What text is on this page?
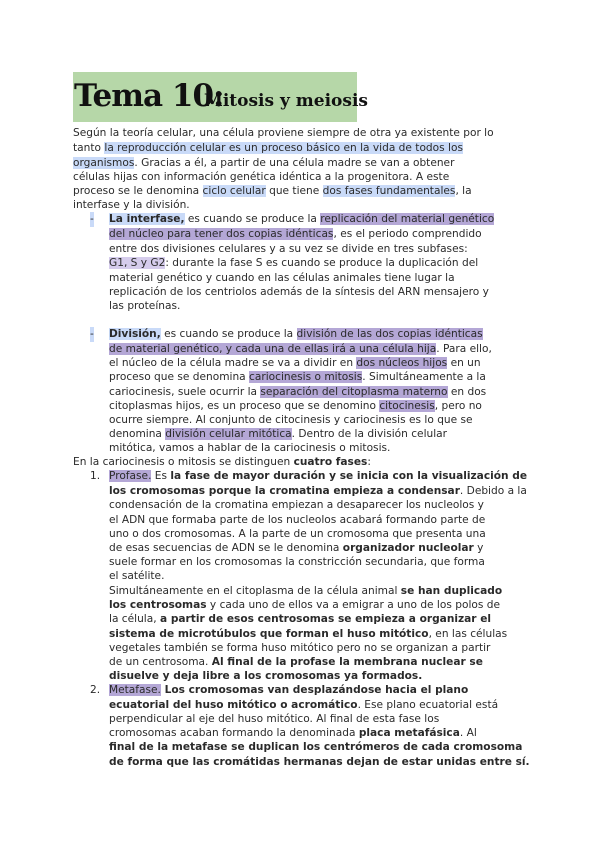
Tema 10:
Mitosis y meiosis
Según la teoría celular, una célula proviene siempre de otra ya existente por lo
tanto la reproducción celular es un proceso básico en la vida de todos los
organismos. Gracias a él, a partir de una célula madre se van a obtener
células hijas con información genética idéntica a la progenitora. A este
proceso se le denomina ciclo celular que tiene dos fases fundamentales, la
interfase y la división.
- La interfase, es cuando se produce la replicación del material genético
del núcleo para tener dos copias idénticas, es el periodo comprendido
entre dos divisiones celulares y a su vez se divide en tres subfases:
G1, S y G2: durante la fase S es cuando se produce la duplicación del
material genético y cuando en las células animales tiene lugar la
replicación de los centriolos además de la síntesis del ARN mensajero y
las proteínas.
- División, es cuando se produce la división de las dos copias idénticas
de material genético, y cada una de ellas irá a una célula hija. Para ello,
el núcleo de la célula madre se va a dividir en dos núcleos hijos en un
proceso que se denomina cariocinesis o mitosis. Simultáneamente a la
cariocinesis, suele ocurrir la separación del citoplasma materno en dos
citoplasmas hijos, es un proceso que se denomino citocinesis, pero no
ocurre siempre. Al conjunto de citocinesis y cariocinesis es lo que se
denomina división celular mitótica. Dentro de la división celular
mitótica, vamos a hablar de la cariocinesis o mitosis.
En la cariocinesis o mitosis se distinguen cuatro fases:
1. Profase. Es la fase de mayor duración y se inicia con la visualización de
los cromosomas porque la cromatina empieza a condensar. Debido a la
condensación de la cromatina empiezan a desaparecer los nucleolos y
el ADN que formaba parte de los nucleolos acabará formando parte de
uno o dos cromosomas. A la parte de un cromosoma que presenta una
de esas secuencias de ADN se le denomina organizador nucleolar y
suele formar en los cromosomas la constricción secundaria, que forma
el satélite.
Simultáneamente en el citoplasma de la célula animal se han duplicado
los centrosomas y cada uno de ellos va a emigrar a uno de los polos de
la célula, a partir de esos centrosomas se empieza a organizar el
sistema de microtúbulos que forman el huso mitótico, en las células
vegetales también se forma huso mitótico pero no se organizan a partir
de un centrosoma. Al final de la profase la membrana nuclear se
disuelve y deja libre a los cromosomas ya formados.
2. Metafase. Los cromosomas van desplazándose hacia el plano
ecuatorial del huso mitótico o acromático. Ese plano ecuatorial está
perpendicular al eje del huso mitótico. Al final de esta fase los
cromosomas acaban formando la denominada placa metafásica. Al
final de la metafase se duplican los centrómeros de cada cromosoma
de forma que las cromátidas hermanas dejan de estar unidas entre sí.
